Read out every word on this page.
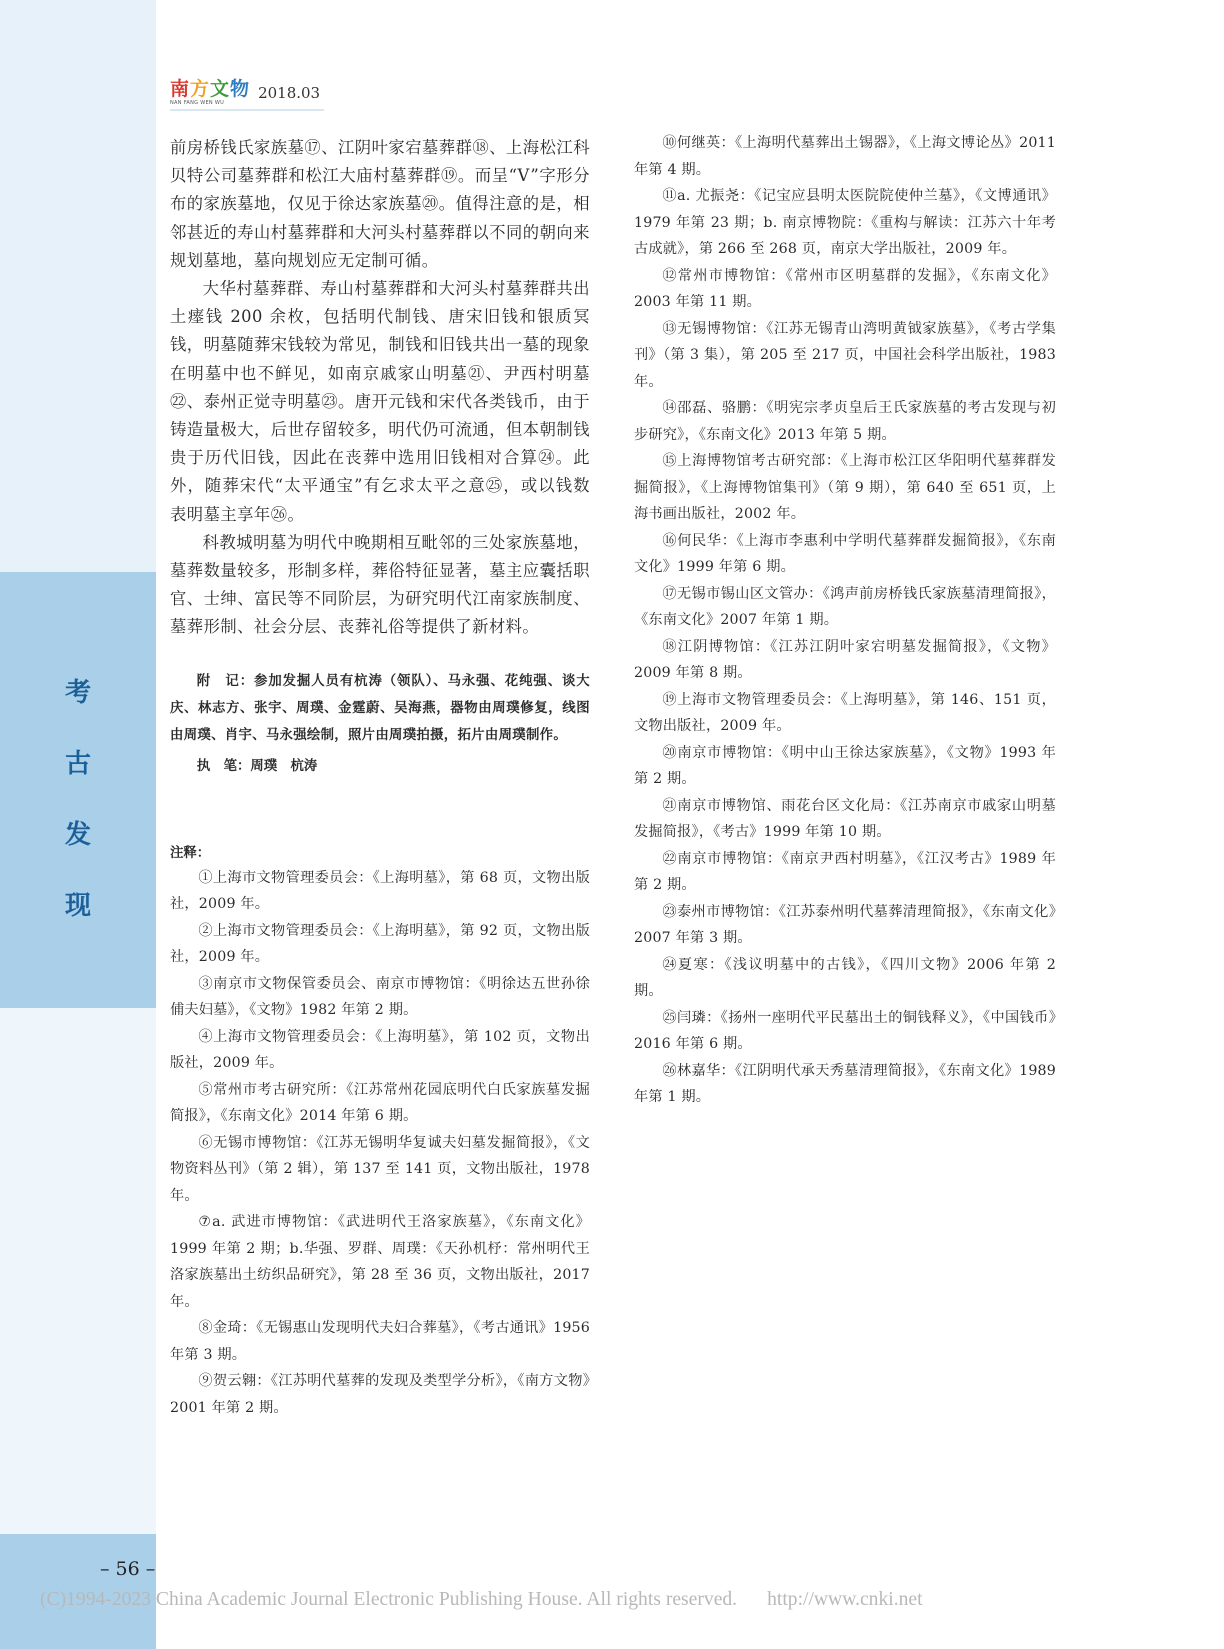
考
古
发
现
– 56 –
南方文物
NAN FANG WEN WU
2018.03

前房桥钱氏家族墓⑰、江阴叶家宕墓葬群⑱、上海松江科贝特公司墓葬群和松江大庙村墓葬群⑲。而呈“V”字形分布的家族墓地，仅见于徐达家族墓⑳。值得注意的是，相邻甚近的寿山村墓葬群和大河头村墓葬群以不同的朝向来规划墓地，墓向规划应无定制可循。

大华村墓葬群、寿山村墓葬群和大河头村墓葬群共出土瘗钱 200 余枚，包括明代制钱、唐宋旧钱和银质冥钱，明墓随葬宋钱较为常见，制钱和旧钱共出一墓的现象在明墓中也不鲜见，如南京戚家山明墓㉑、尹西村明墓㉒、泰州正觉寺明墓㉓。唐开元钱和宋代各类钱币，由于铸造量极大，后世存留较多，明代仍可流通，但本朝制钱贵于历代旧钱，因此在丧葬中选用旧钱相对合算㉔。此外，随葬宋代“太平通宝”有乞求太平之意㉕，或以钱数表明墓主享年㉖。

科教城明墓为明代中晚期相互毗邻的三处家族墓地，墓葬数量较多，形制多样，葬俗特征显著，墓主应囊括职官、士绅、富民等不同阶层，为研究明代江南家族制度、墓葬形制、社会分层、丧葬礼俗等提供了新材料。

附　记：参加发掘人员有杭涛（领队）、马永强、花纯强、谈大庆、林志方、张宇、周璞、金霆蔚、吴海燕，器物由周璞修复，线图由周璞、肖宇、马永强绘制，照片由周璞拍摄，拓片由周璞制作。

执　笔：周璞　杭涛

注释：

①上海市文物管理委员会：《上海明墓》，第 68 页，文物出版社，2009 年。

②上海市文物管理委员会：《上海明墓》，第 92 页，文物出版社，2009 年。

③南京市文物保管委员会、南京市博物馆：《明徐达五世孙徐俌夫妇墓》，《文物》1982 年第 2 期。

④上海市文物管理委员会：《上海明墓》，第 102 页，文物出版社，2009 年。

⑤常州市考古研究所：《江苏常州花园底明代白氏家族墓发掘简报》，《东南文化》2014 年第 6 期。

⑥无锡市博物馆：《江苏无锡明华复诚夫妇墓发掘简报》，《文物资料丛刊》（第 2 辑），第 137 至 141 页，文物出版社，1978 年。

⑦a. 武进市博物馆：《武进明代王洛家族墓》，《东南文化》1999 年第 2 期；b.华强、罗群、周璞：《天孙机杼：常州明代王洛家族墓出土纺织品研究》，第 28 至 36 页，文物出版社，2017 年。

⑧金琦：《无锡惠山发现明代夫妇合葬墓》，《考古通讯》1956 年第 3 期。

⑨贺云翱：《江苏明代墓葬的发现及类型学分析》，《南方文物》2001 年第 2 期。

⑩何继英：《上海明代墓葬出土锡器》，《上海文博论丛》2011 年第 4 期。

⑪a. 尤振尧：《记宝应县明太医院院使仲兰墓》，《文博通讯》1979 年第 23 期；b. 南京博物院：《重构与解读：江苏六十年考古成就》，第 266 至 268 页，南京大学出版社，2009 年。

⑫常州市博物馆：《常州市区明墓群的发掘》，《东南文化》2003 年第 11 期。

⑬无锡博物馆：《江苏无锡青山湾明黄钺家族墓》，《考古学集刊》（第 3 集），第 205 至 217 页，中国社会科学出版社，1983 年。

⑭邵磊、骆鹏：《明宪宗孝贞皇后王氏家族墓的考古发现与初步研究》，《东南文化》2013 年第 5 期。

⑮上海博物馆考古研究部：《上海市松江区华阳明代墓葬群发掘简报》，《上海博物馆集刊》（第 9 期），第 640 至 651 页，上海书画出版社，2002 年。

⑯何民华：《上海市李惠利中学明代墓葬群发掘简报》，《东南文化》1999 年第 6 期。

⑰无锡市锡山区文管办：《鸿声前房桥钱氏家族墓清理简报》，《东南文化》2007 年第 1 期。

⑱江阴博物馆：《江苏江阴叶家宕明墓发掘简报》，《文物》2009 年第 8 期。

⑲上海市文物管理委员会：《上海明墓》，第 146、151 页，文物出版社，2009 年。

⑳南京市博物馆：《明中山王徐达家族墓》，《文物》1993 年第 2 期。

㉑南京市博物馆、雨花台区文化局：《江苏南京市戚家山明墓发掘简报》，《考古》1999 年第 10 期。

㉒南京市博物馆：《南京尹西村明墓》，《江汉考古》1989 年第 2 期。

㉓泰州市博物馆：《江苏泰州明代墓葬清理简报》，《东南文化》2007 年第 3 期。

㉔夏寒：《浅议明墓中的古钱》，《四川文物》2006 年第 2 期。

㉕闫璘：《扬州一座明代平民墓出土的铜钱释义》，《中国钱币》2016 年第 6 期。

㉖林嘉华：《江阴明代承天秀墓清理简报》，《东南文化》1989 年第 1 期。

(C)1994-2023 China Academic Journal Electronic Publishing House. All rights reserved. http://www.cnki.net
